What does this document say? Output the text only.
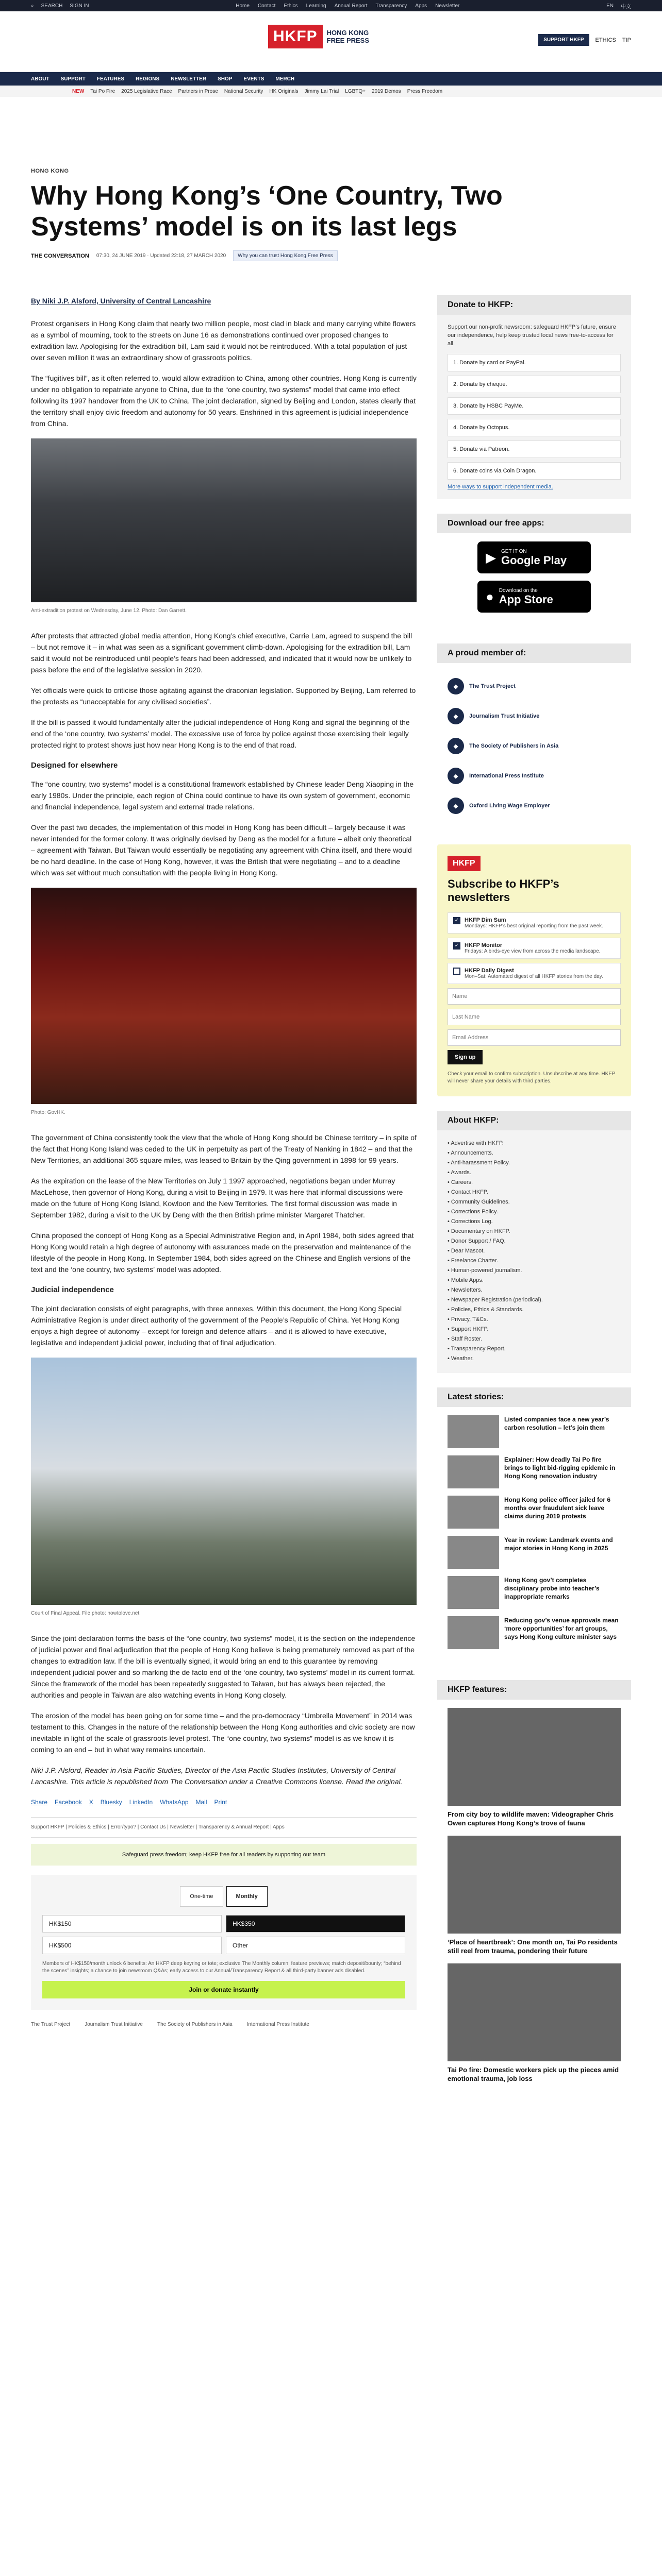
⌕ SEARCH SIGN IN	Home Contact Ethics Learning Annual Report Transparency Apps Newsletter	EN 中文
HKFP	HONG KONG
FREE PRESS	SUPPORT HKFP	ETHICS TIP
ABOUT SUPPORT FEATURES REGIONS NEWSLETTER SHOP EVENTS MERCH
NEW Tai Po Fire 2025 Legislative Race Partners in Prose National Security HK Originals Jimmy Lai Trial LGBTQ+ 2019 Demos Press Freedom
HONG KONG
Why Hong Kong’s ‘One Country, Two Systems’ model is on its last legs
THE CONVERSATION 07:30, 24 JUNE 2019 · Updated 22:18, 27 MARCH 2020	Why you can trust Hong Kong Free Press

By Niki J.P. Alsford, University of Central Lancashire

Protest organisers in Hong Kong claim that nearly two million people, most clad in black and many carrying white flowers as a symbol of mourning, took to the streets on June 16 as demonstrations continued over proposed changes to extradition law. Apologising for the extradition bill, Lam said it would not be reintroduced. With a total population of just over seven million it was an extraordinary show of grassroots politics.

The “fugitives bill”, as it often referred to, would allow extradition to China, among other countries. Hong Kong is currently under no obligation to repatriate anyone to China, due to the “one country, two systems” model that came into effect following its 1997 handover from the UK to China. The joint declaration, signed by Beijing and London, states clearly that the territory shall enjoy civic freedom and autonomy for 50 years. Enshrined in this agreement is judicial independence from China.

Anti-extradition protest on Wednesday, June 12. Photo: Dan Garrett.

After protests that attracted global media attention, Hong Kong’s chief executive, Carrie Lam, agreed to suspend the bill – but not remove it – in what was seen as a significant government climb-down. Apologising for the extradition bill, Lam said it would not be reintroduced until people’s fears had been addressed, and indicated that it would now be unlikely to pass before the end of the legislative session in 2020.

Yet officials were quick to criticise those agitating against the draconian legislation. Supported by Beijing, Lam referred to the protests as “unacceptable for any civilised societies”.

If the bill is passed it would fundamentally alter the judicial independence of Hong Kong and signal the beginning of the end of the ‘one country, two systems’ model. The excessive use of force by police against those exercising their legally protected right to protest shows just how near Hong Kong is to the end of that road.

Designed for elsewhere

The “one country, two systems” model is a constitutional framework established by Chinese leader Deng Xiaoping in the early 1980s. Under the principle, each region of China could continue to have its own system of government, economic and financial independence, legal system and external trade relations.

Over the past two decades, the implementation of this model in Hong Kong has been difficult – largely because it was never intended for the former colony. It was originally devised by Deng as the model for a future – albeit only theoretical – agreement with Taiwan. But Taiwan would essentially be negotiating any agreement with China itself, and there would be no hard deadline. In the case of Hong Kong, however, it was the British that were negotiating – and to a deadline which was set without much consultation with the people living in Hong Kong.

Photo: GovHK.

The government of China consistently took the view that the whole of Hong Kong should be Chinese territory – in spite of the fact that Hong Kong Island was ceded to the UK in perpetuity as part of the Treaty of Nanking in 1842 – and that the New Territories, an additional 365 square miles, was leased to Britain by the Qing government in 1898 for 99 years.

As the expiration on the lease of the New Territories on July 1 1997 approached, negotiations began under Murray MacLehose, then governor of Hong Kong, during a visit to Beijing in 1979. It was here that informal discussions were made on the future of Hong Kong Island, Kowloon and the New Territories. The first formal discussion was made in September 1982, during a visit to the UK by Deng with the then British prime minister Margaret Thatcher.

China proposed the concept of Hong Kong as a Special Administrative Region and, in April 1984, both sides agreed that Hong Kong would retain a high degree of autonomy with assurances made on the preservation and maintenance of the lifestyle of the people in Hong Kong. In September 1984, both sides agreed on the Chinese and English versions of the text and the ‘one country, two systems’ model was adopted.

Judicial independence

The joint declaration consists of eight paragraphs, with three annexes. Within this document, the Hong Kong Special Administrative Region is under direct authority of the government of the People’s Republic of China. Yet Hong Kong enjoys a high degree of autonomy – except for foreign and defence affairs – and it is allowed to have executive, legislative and independent judicial power, including that of final adjudication.

Court of Final Appeal. File photo: nowtolove.net.

Since the joint declaration forms the basis of the “one country, two systems” model, it is the section on the independence of judicial power and final adjudication that the people of Hong Kong believe is being prematurely removed as part of the changes to extradition law. If the bill is eventually signed, it would bring an end to this guarantee by removing independent judicial power and so marking the de facto end of the ‘one country, two systems’ model in its current format. Since the framework of the model has been repeatedly suggested to Taiwan, but has always been rejected, the authorities and people in Taiwan are also watching events in Hong Kong closely.

The erosion of the model has been going on for some time – and the pro-democracy “Umbrella Movement” in 2014 was testament to this. Changes in the nature of the relationship between the Hong Kong authorities and civic society are now inevitable in light of the scale of grassroots-level protest. The “one country, two systems” model is as we know it is coming to an end – but in what way remains uncertain.

Niki J.P. Alsford, Reader in Asia Pacific Studies, Director of the Asia Pacific Studies Institutes, University of Central Lancashire. This article is republished from The Conversation under a Creative Commons license. Read the original.

Share Facebook X Bluesky LinkedIn WhatsApp Mail Print
Support HKFP | Policies & Ethics | Error/typo? | Contact Us | Newsletter | Transparency & Annual Report | Apps
Safeguard press freedom; keep HKFP free for all readers by supporting our team
One-time	Monthly
HK$150	HK$350
HK$500	Other
Members of HK$150/month unlock 6 benefits: An HKFP deep keyring or tote; exclusive The Monthly column; feature previews; match deposit/bounty; “behind the scenes” insights; a chance to join newsroom Q&As; early access to our Annual/Transparency Report & all third-party banner ads disabled.
Join or donate instantly
The Trust Project	Journalism Trust Initiative	The Society of Publishers in Asia	International Press Institute
Donate to HKFP:

Support our non-profit newsroom: safeguard HKFP’s future, ensure our independence, help keep trusted local news free-to-access for all.

1. Donate by card or PayPal.
2. Donate by cheque.
3. Donate by HSBC PayMe.
4. Donate by Octopus.
5. Donate via Patreon.
6. Donate coins via Coin Dragon.
More ways to support independent media.
Download our free apps:
▶ GET IT ON
Google Play
● Download on the
App Store
A proud member of:
◆	The Trust Project
◆	Journalism Trust Initiative
◆	The Society of Publishers in Asia
◆	International Press Institute
◆	Oxford Living Wage Employer
HKFP
Subscribe to HKFP’s newsletters
✓ HKFP Dim Sum
Mondays: HKFP’s best original reporting from the past week.
✓ HKFP Monitor
Fridays: A birds-eye view from across the media landscape.
HKFP Daily Digest
Mon–Sat: Automated digest of all HKFP stories from the day.
Name Last Name Email Address Sign up
Check your email to confirm subscription. Unsubscribe at any time. HKFP will never share your details with third parties.
About HKFP:
• Advertise with HKFP.
• Announcements.
• Anti-harassment Policy.
• Awards.
• Careers.
• Contact HKFP.
• Community Guidelines.
• Corrections Policy.
• Corrections Log.
• Documentary on HKFP.
• Donor Support / FAQ.
• Dear Mascot.
• Freelance Charter.
• Human-powered journalism.
• Mobile Apps.
• Newsletters.
• Newspaper Registration (periodical).
• Policies, Ethics & Standards.
• Privacy, T&Cs.
• Support HKFP.
• Staff Roster.
• Transparency Report.
• Weather.
Latest stories:
Listed companies face a new year’s carbon resolution – let’s join them
Explainer: How deadly Tai Po fire brings to light bid-rigging epidemic in Hong Kong renovation industry
Hong Kong police officer jailed for 6 months over fraudulent sick leave claims during 2019 protests
Year in review: Landmark events and major stories in Hong Kong in 2025
Hong Kong gov’t completes disciplinary probe into teacher’s inappropriate remarks
Reducing gov’s venue approvals mean ‘more opportunities’ for art groups, says Hong Kong culture minister says
HKFP features:
From city boy to wildlife maven: Videographer Chris Owen captures Hong Kong’s trove of fauna
‘Place of heartbreak’: One month on, Tai Po residents still reel from trauma, pondering their future
Tai Po fire: Domestic workers pick up the pieces amid emotional trauma, job loss
